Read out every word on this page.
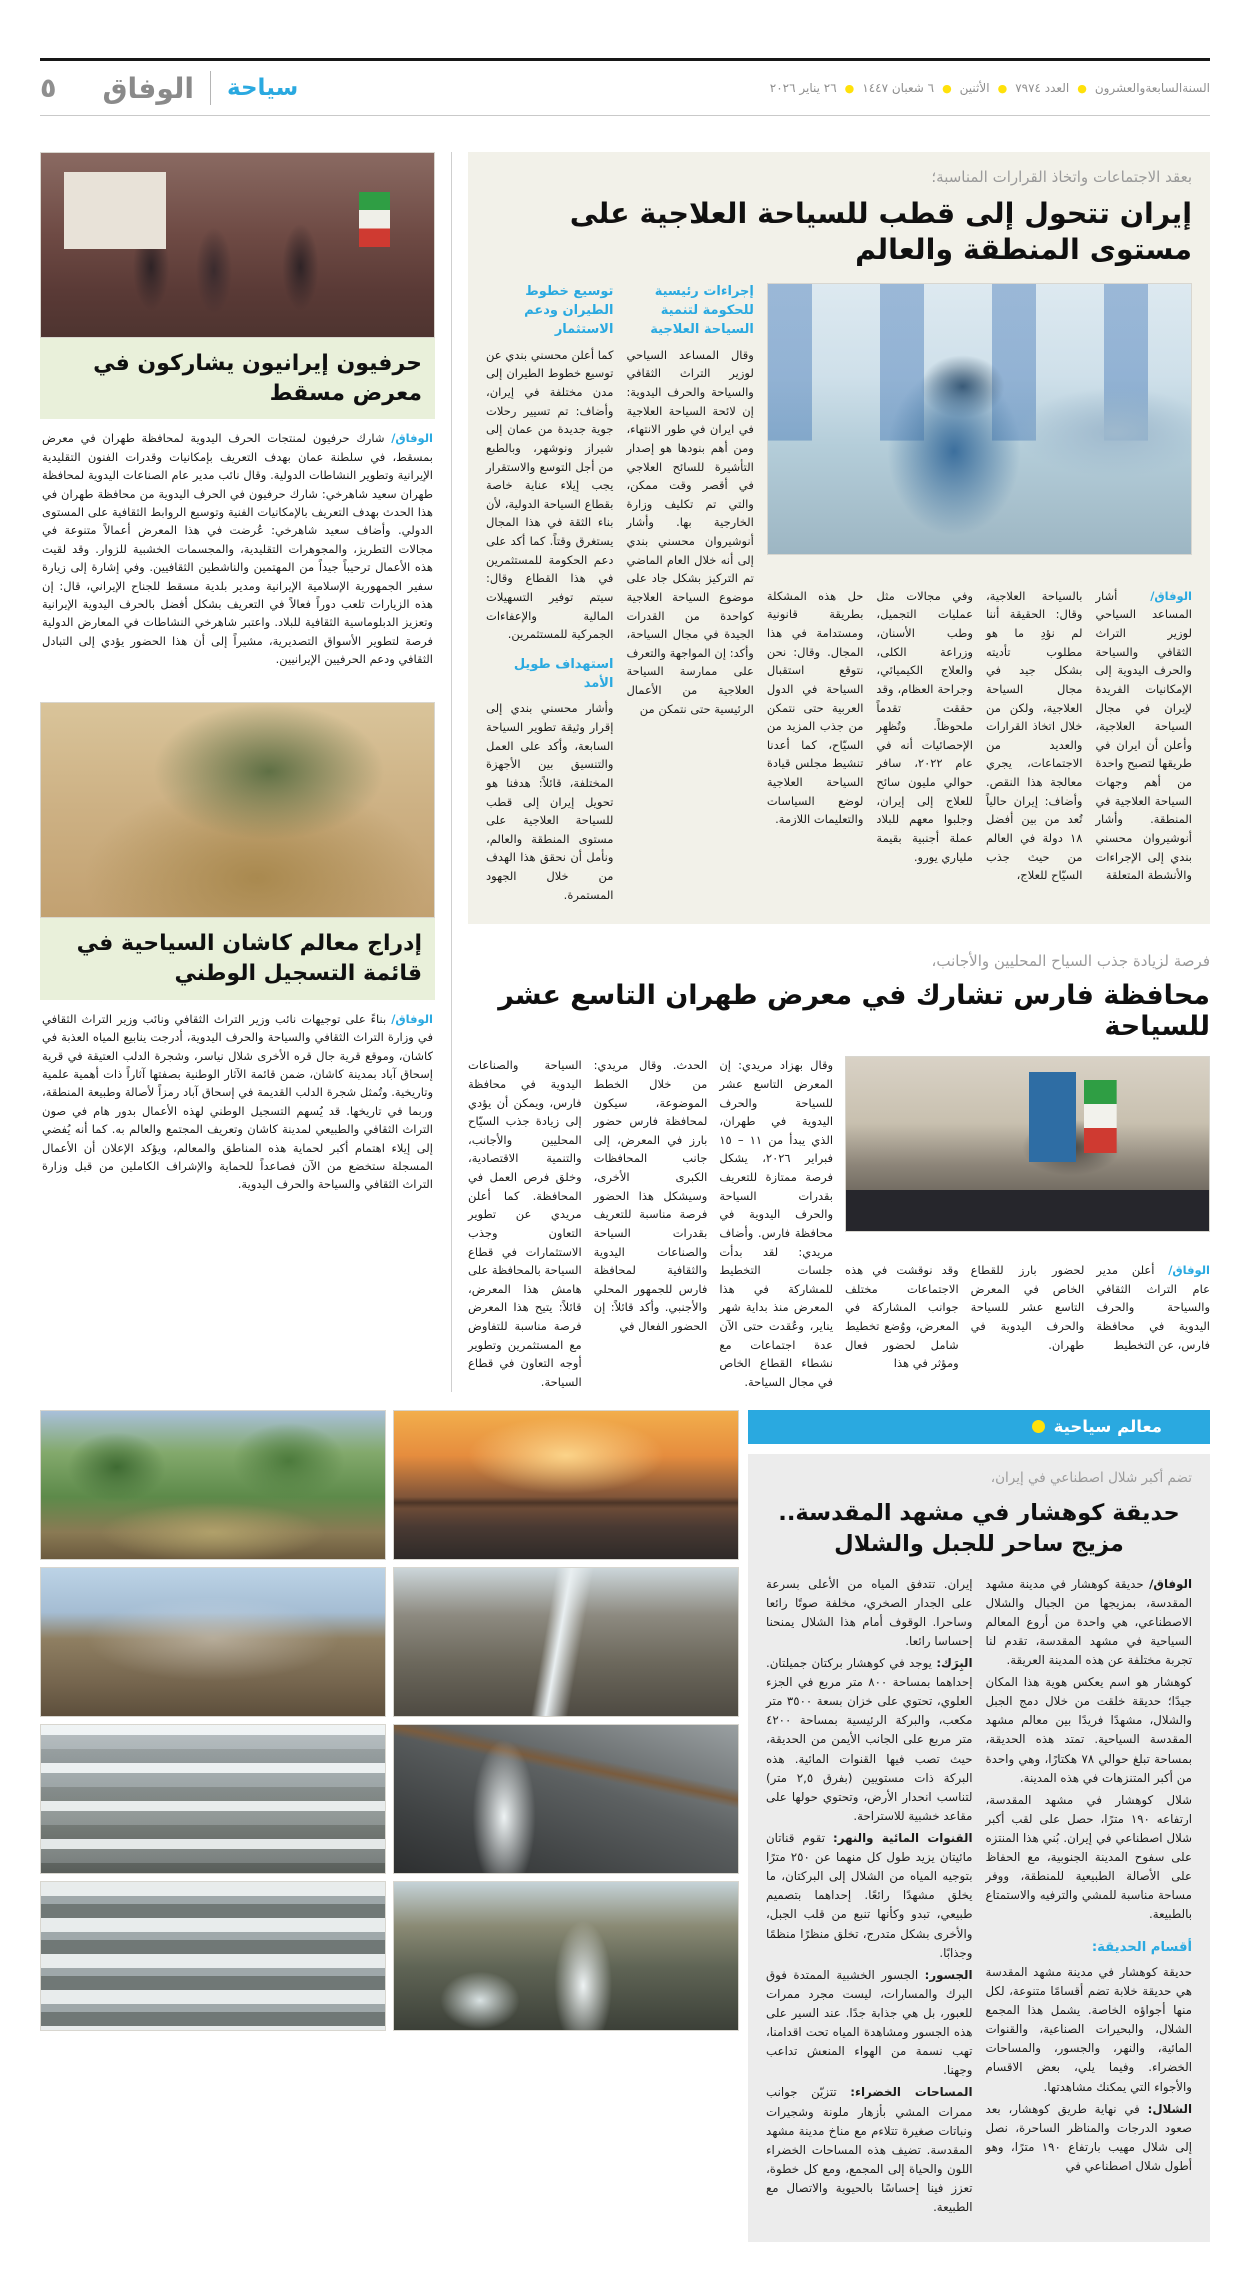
السنةالسابعةوالعشرون
●
العدد ٧٩٧٤
●
الأثنين
●
٦ شعبان ١٤٤٧
●
٢٦ يناير ٢٠٢٦
سياحة
الوفاق
٥

بعقد الاجتماعات واتخاذ القرارات المناسبة؛

إيران تتحول إلى قطب للسياحة العلاجية على مستوى المنطقة والعالم
إجراءات رئيسية للحكومة لتنمية السياحة العلاجية

وقال المساعد السياحي لوزير التراث الثقافي والسياحة والحرف اليدوية: إن لائحة السياحة العلاجية في ايران في طور الانتهاء، ومن أهم بنودها هو إصدار التأشيرة للسائح العلاجي في أقصر وقت ممكن، والتي تم تكليف وزارة الخارجية بها. وأشار أنوشيروان محسني بندي إلى أنه خلال العام الماضي تم التركيز بشكل جاد على موضوع السياحة العلاجية كواحدة من القدرات الجيدة في مجال السياحة، وأكد: إن المواجهة والتعرف على ممارسة السياحة العلاجية من الأعمال الرئيسية حتى نتمكن من

توسيع خطوط الطيران ودعم الاستثمار

كما أعلن محسني بندي عن توسيع خطوط الطيران إلى مدن مختلفة في إيران، وأضاف: تم تسيير رحلات جوية جديدة من عمان إلى شيراز ونوشهر، وبالطبع من أجل التوسع والاستقرار يجب إيلاء عناية خاصة بقطاع السياحة الدولية، لأن بناء الثقة في هذا المجال يستغرق وقتاً. كما أكد على دعم الحكومة للمستثمرين في هذا القطاع وقال: سيتم توفير التسهيلات المالية والإعفاءات الجمركية للمستثمرين.

استهداف طويل الأمد

وأشار محسني بندي إلى إقرار وثيقة تطوير السياحة السابعة، وأكد على العمل والتنسيق بين الأجهزة المختلفة، قائلاً: هدفنا هو تحويل إيران إلى قطب للسياحة العلاجية على مستوى المنطقة والعالم، ونأمل أن نحقق هذا الهدف من خلال الجهود المستمرة.

الوفاق/ أشار المساعد السياحي لوزير التراث الثقافي والسياحة والحرف اليدوية إلى الإمكانيات الفريدة لإيران في مجال السياحة العلاجية، وأعلن أن ايران في طريقها لتصبح واحدة من أهم وجهات السياحة العلاجية في المنطقة. وأشار أنوشيروان محسني بندي إلى الإجراءات والأنشطة المتعلقة

بالسياحة العلاجية، وقال: الحقيقة أننا لم نؤدِ ما هو مطلوب تأديته بشكل جيد في مجال السياحة العلاجية، ولكن من خلال اتخاذ القرارات والعديد من الاجتماعات، يجري معالجة هذا النقص. وأضاف: إيران حالياً تُعد من بين أفضل ١٨ دولة في العالم من حيث جذب السيّاح للعلاج،

وفي مجالات مثل عمليات التجميل، وطب الأسنان، وزراعة الكلى، والعلاج الكيميائي، وجراحة العظام، وقد حققت تقدماً ملحوظاً. وتُظهِر الإحصائيات أنه في عام ٢٠٢٢، سافر حوالي مليون سائح للعلاج إلى إيران، وجلبوا معهم للبلاد عملة أجنبية بقيمة ملياري يورو.

حل هذه المشكلة بطريقة قانونية ومستدامة في هذا المجال. وقال: نحن نتوقع استقبال السياحة في الدول العربية حتى نتمكن من جذب المزيد من السيّاح، كما أعدنا تنشيط مجلس قيادة السياحة العلاجية لوضع السياسات والتعليمات اللازمة.

فرصة لزيادة جذب السياح المحليين والأجانب،

محافظة فارس تشارك في معرض طهران التاسع عشر للسياحة

وقال بهزاد مريدي: إن المعرض التاسع عشر للسياحة والحرف اليدوية في طهران، الذي يبدأ من ١١ – ١٥ فبراير ٢٠٢٦، يشكل فرصة ممتازة للتعريف بقدرات السياحة والحرف اليدوية في محافظة فارس. وأضاف مريدي: لقد بدأت جلسات التخطيط للمشاركة في هذا المعرض منذ بداية شهر يناير، وعُقدت حتى الآن عدة اجتماعات مع نشطاء القطاع الخاص في مجال السياحة.

الحدث. وقال مريدي: من خلال الخطط الموضوعة، سيكون لمحافظة فارس حضور بارز في المعرض، إلى جانب المحافظات الكبرى الأخرى، وسيشكل هذا الحضور فرصة مناسبة للتعريف بقدرات السياحة والصناعات اليدوية والثقافية لمحافظة فارس للجمهور المحلي والأجنبي. وأكد قائلاً: إن الحضور الفعال في

السياحة والصناعات اليدوية في محافظة فارس، ويمكن أن يؤدي إلى زيادة جذب السيّاح المحليين والأجانب، والتنمية الاقتصادية، وخلق فرص العمل في المحافظة. كما أعلن مريدي عن تطوير التعاون وجذب الاستثمارات في قطاع السياحة بالمحافظة على هامش هذا المعرض، قائلاً: يتيح هذا المعرض فرصة مناسبة للتفاوض مع المستثمرين وتطوير أوجه التعاون في قطاع السياحة.

الوفاق/ أعلن مدير عام التراث الثقافي والسياحة والحرف اليدوية في محافظة فارس، عن التخطيط

لحضور بارز للقطاع الخاص في المعرض التاسع عشر للسياحة والحرف اليدوية في طهران.

وقد نوقشت في هذه الاجتماعات مختلف جوانب المشاركة في المعرض، ووُضع تخطيط شامل لحضور فعال ومؤثر في هذا

حرفيون إيرانيون يشاركون في معرض مسقط

الوفاق/ شارك حرفيون لمنتجات الحرف اليدوية لمحافظة طهران في معرض بمسقط، في سلطنة عمان بهدف التعريف بإمكانيات وقدرات الفنون التقليدية الإيرانية وتطوير النشاطات الدولية. وقال نائب مدير عام الصناعات اليدوية لمحافظة طهران سعيد شاهرخي: شارك حرفيون في الحرف اليدوية من محافظة طهران في هذا الحدث بهدف التعريف بالإمكانيات الفنية وتوسيع الروابط الثقافية على المستوى الدولي. وأضاف سعيد شاهرخي: عُرضت في هذا المعرض أعمالاً متنوعة في مجالات التطريز، والمجوهرات التقليدية، والمجسمات الخشبية للزوار. وقد لقيت هذه الأعمال ترحيباً جيداً من المهتمين والناشطين الثقافيين. وفي إشارة إلى زيارة سفير الجمهورية الإسلامية الإيرانية ومدير بلدية مسقط للجناح الإيراني، قال: إن هذه الزيارات تلعب دوراً فعالاً في التعريف بشكل أفضل بالحرف اليدوية الإيرانية وتعزيز الدبلوماسية الثقافية للبلاد. واعتبر شاهرخي النشاطات في المعارض الدولية فرصة لتطوير الأسواق التصديرية، مشيراً إلى أن هذا الحضور يؤدي إلى التبادل الثقافي ودعم الحرفيين الإيرانيين.

إدراج معالم كاشان السياحية في قائمة التسجيل الوطني

الوفاق/ بناءً على توجيهات نائب وزير التراث الثقافي ونائب وزير التراث الثقافي في وزارة التراث الثقافي والسياحة والحرف اليدوية، أدرجت ينابيع المياه العذبة في كاشان، وموقع قرية جال قره الأخرى شلال نياسر، وشجرة الدلب العتيقة في قرية إسحاق آباد بمدينة كاشان، ضمن قائمة الآثار الوطنية بصفتها آثاراً ذات أهمية علمية وتاريخية. وتُمثل شجرة الدلب القديمة في إسحاق آباد رمزاً لأصالة وطبيعة المنطقة، وربما في تاريخها. قد يُسهم التسجيل الوطني لهذه الأعمال بدور هام في صون التراث الثقافي والطبيعي لمدينة كاشان وتعريف المجتمع والعالم به. كما أنه يُفضي إلى إيلاء اهتمام أكبر لحماية هذه المناطق والمعالم، ويؤكد الإعلان أن الأعمال المسجلة ستخضع من الآن فصاعداً للحماية والإشراف الكاملين من قبل وزارة التراث الثقافي والسياحة والحرف اليدوية.

معالم سياحية

تضم أكبر شلال اصطناعي في إيران،

حديقة كوهشار في مشهد المقدسة..
مزيج ساحر للجبل والشلال

الوفاق/ حديقة كوهشار في مدينة مشهد المقدسة، بمزيجها من الجبال والشلال الاصطناعي، هي واحدة من أروع المعالم السياحية في مشهد المقدسة، تقدم لنا تجربة مختلفة عن هذه المدينة العريقة.

كوهشار هو اسم يعكس هوية هذا المكان جيدًا؛ حديقة خلقت من خلال دمج الجبل والشلال، مشهدًا فريدًا بين معالم مشهد المقدسة السياحية. تمتد هذه الحديقة، بمساحة تبلغ حوالي ٧٨ هكتارًا، وهي واحدة من أكبر المتنزهات في هذه المدينة.

شلال كوهشار في مشهد المقدسة، ارتفاعه ١٩٠ مترًا، حصل على لقب أكبر شلال اصطناعي في إيران. بُني هذا المنتزه على سفوح المدينة الجنوبية، مع الحفاظ على الأصالة الطبيعية للمنطقة، ووفر مساحة مناسبة للمشي والترفيه والاستمتاع بالطبيعة.

أقسام الحديقة:
حديقة كوهشار في مدينة مشهد المقدسة هي حديقة خلابة تضم أقسامًا متنوعة، لكل منها أجواؤه الخاصة. يشمل هذا المجمع الشلال، والبحيرات الصناعية، والقنوات المائية، والنهر، والجسور، والمساحات الخضراء. وفيما يلي، بعض الاقسام والأجواء التي يمكنك مشاهدتها.

الشلال: في نهاية طريق كوهشار، بعد صعود الدرجات والمناظر الساحرة، نصل إلى شلال مهيب بارتفاع ١٩٠ مترًا، وهو أطول شلال اصطناعي في

إيران. تتدفق المياه من الأعلى بسرعة على الجدار الصخري، مخلفة صوتًا رائعا وساحرا. الوقوف أمام هذا الشلال يمنحنا إحساسا رائعا.

البِرَك: يوجد في كوهشار بركتان جميلتان. إحداهما بمساحة ٨٠٠ متر مربع في الجزء العلوي، تحتوي على خزان بسعة ٣٥٠٠ متر مكعب، والبركة الرئيسية بمساحة ٤٢٠٠ متر مربع على الجانب الأيمن من الحديقة، حيث تصب فيها القنوات المائية. هذه البركة ذات مستويين (بفرق ٢,٥ متر) لتناسب انحدار الأرض، وتحتوي حولها على مقاعد خشبية للاستراحة.

القنوات المائية والنهر: تقوم قناتان مائيتان يزيد طول كل منهما عن ٢٥٠ مترًا بتوجيه المياه من الشلال إلى البركتان، ما يخلق مشهدًا رائعًا. إحداهما بتصميم طبيعي، تبدو وكأنها تنبع من قلب الجبل، والأخرى بشكل متدرج، تخلق منظرًا منظمًا وجذابًا.

الجسور: الجسور الخشبية الممتدة فوق البرك والمسارات، ليست مجرد ممرات للعبور، بل هي جذابة جدًا. عند السير على هذه الجسور ومشاهدة المياه تحت اقدامنا، تهب نسمة من الهواء المنعش تداعب وجهنا.

المساحات الخضراء: تتزيّن جوانب ممرات المشي بأزهار ملونة وشجيرات ونباتات صغيرة تتلاءم مع مناخ مدينة مشهد المقدسة. تضيف هذه المساحات الخضراء اللون والحياة إلى المجمع، ومع كل خطوة، تعزز فينا إحساسًا بالحيوية والاتصال مع الطبيعة.
